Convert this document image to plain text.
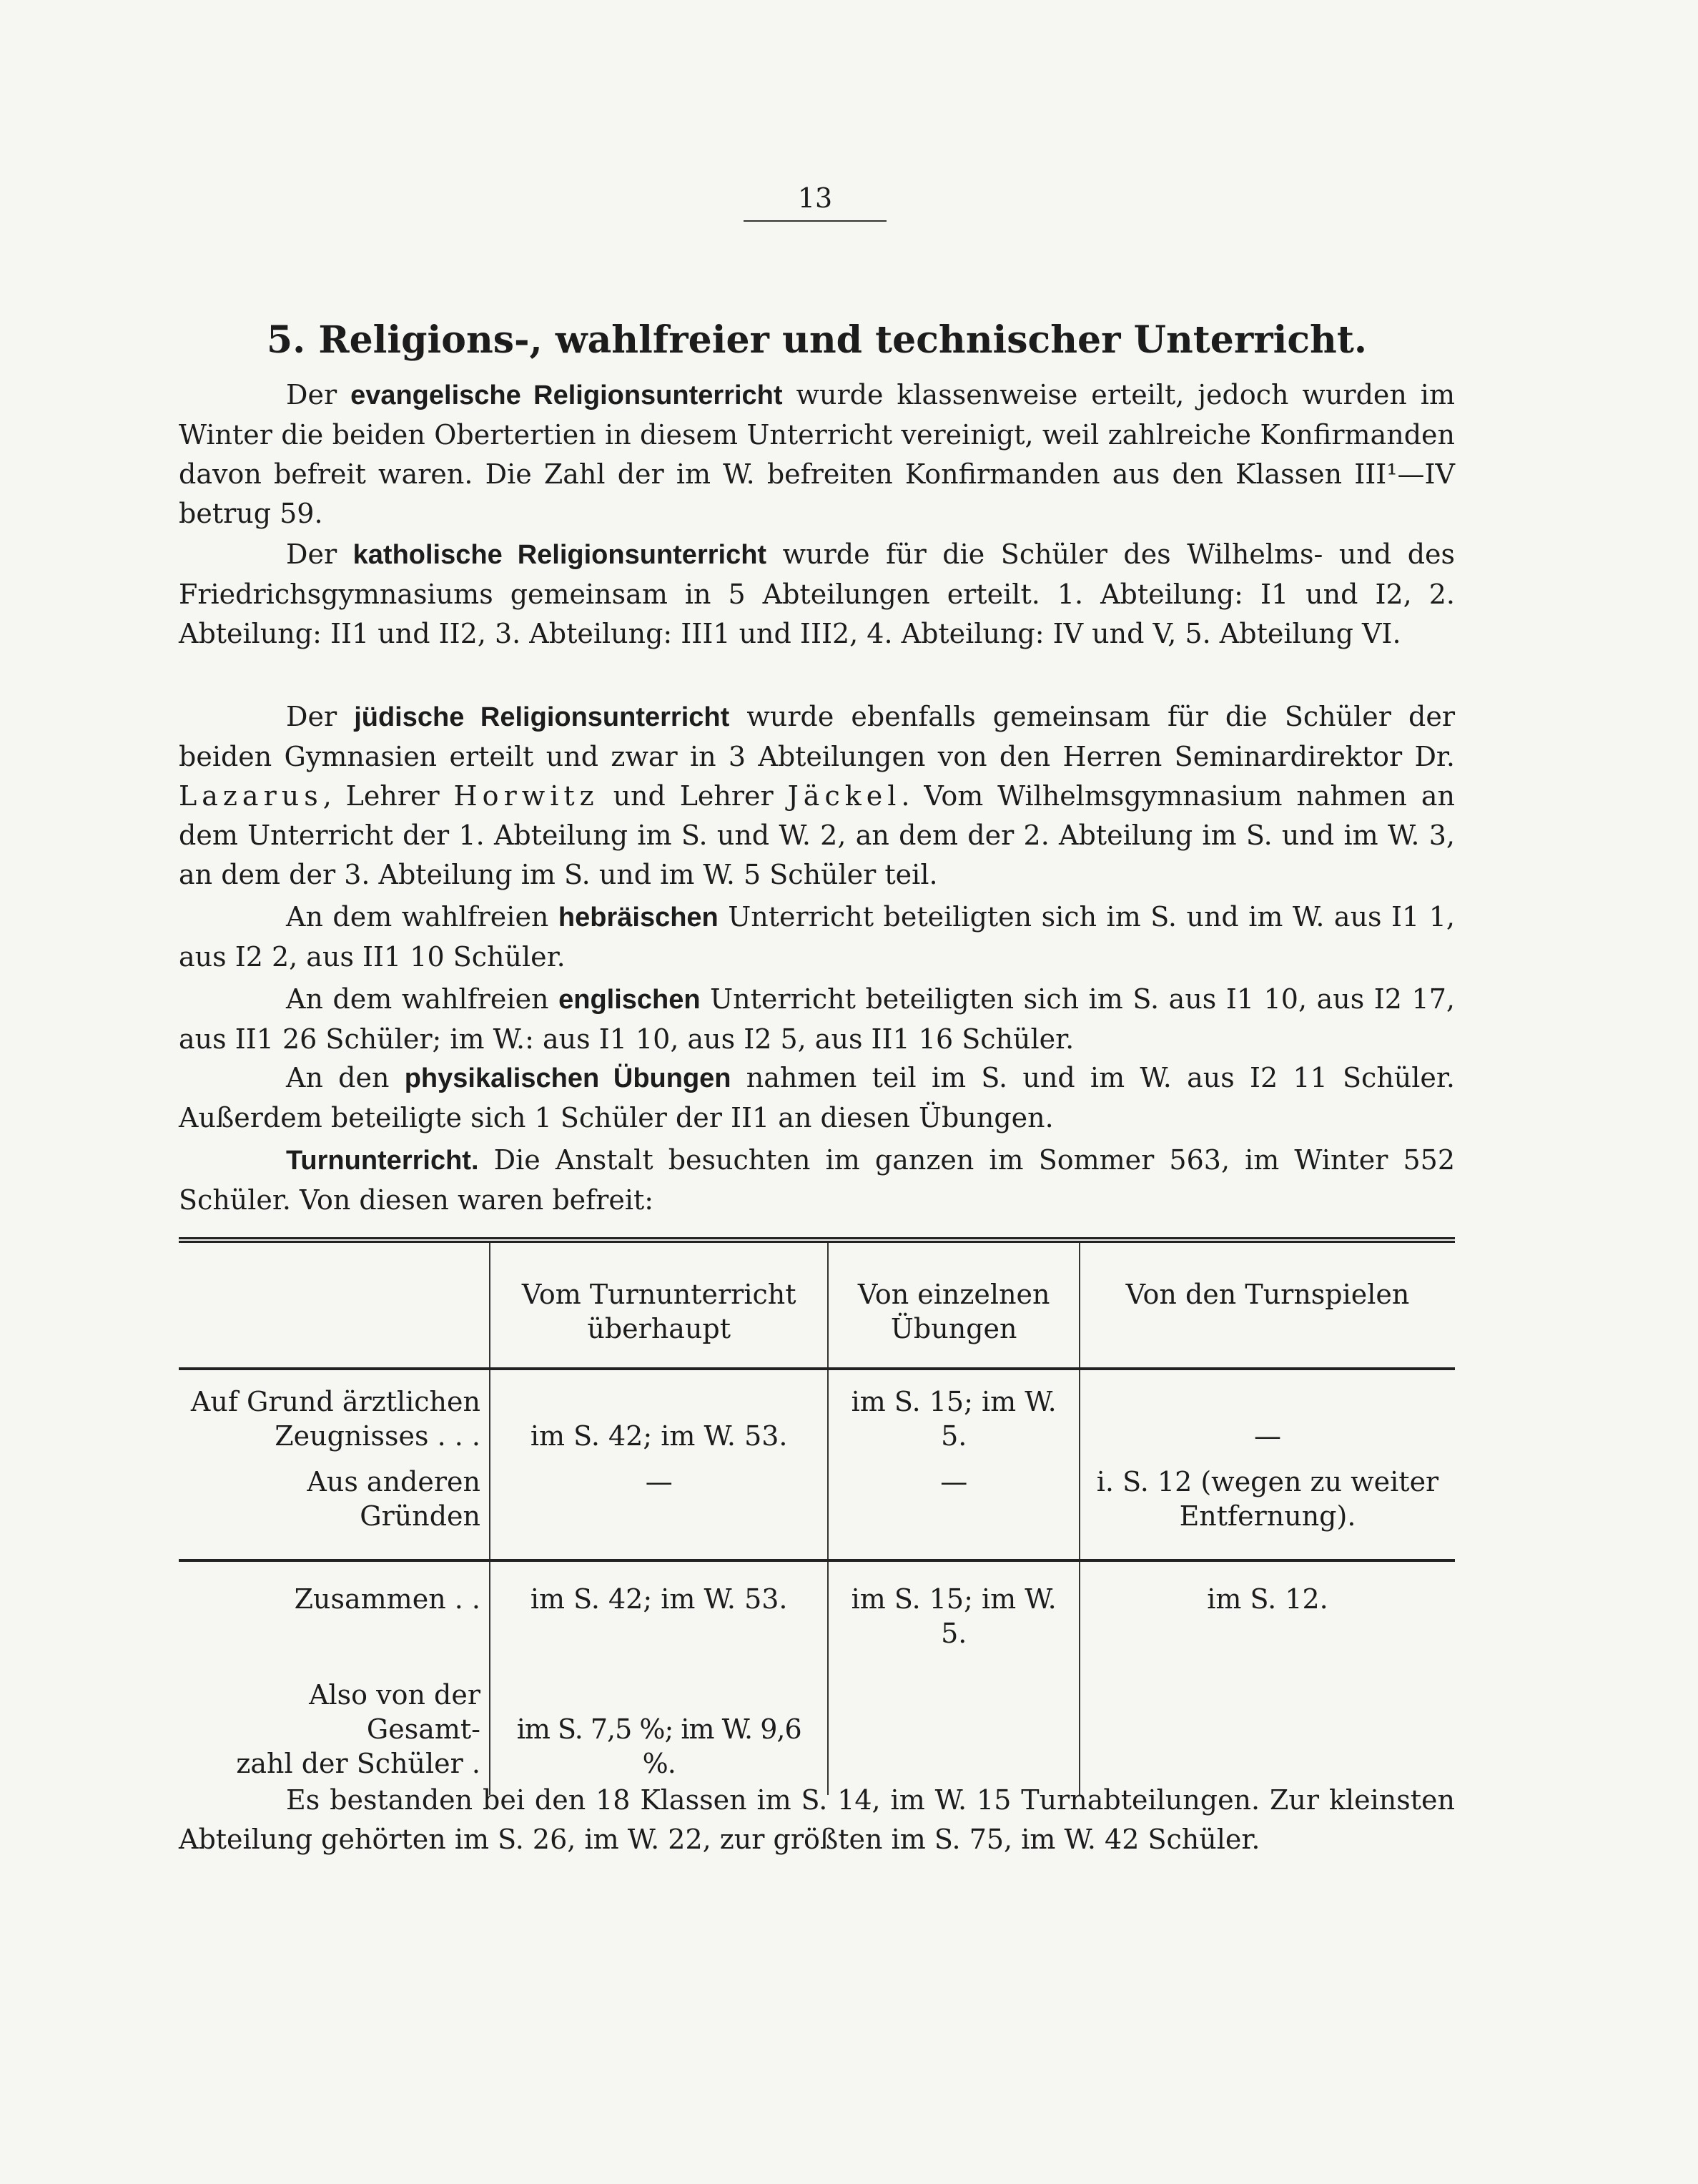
13
5. Religions-, wahlfreier und technischer Unterricht.

Der evangelische Religionsunterricht wurde klassenweise erteilt, jedoch wurden im Winter die beiden Obertertien in diesem Unterricht vereinigt, weil zahlreiche Konfirmanden davon befreit waren. Die Zahl der im W. befreiten Konfirmanden aus den Klassen III¹—IV betrug 59.

Der katholische Religionsunterricht wurde für die Schüler des Wilhelms- und des Friedrichsgymnasiums gemeinsam in 5 Abteilungen erteilt. 1. Abteilung: I1 und I2, 2. Abteilung: II1 und II2, 3. Abteilung: III1 und III2, 4. Abteilung: IV und V, 5. Abteilung VI.

Der jüdische Religionsunterricht wurde ebenfalls gemeinsam für die Schüler der beiden Gymnasien erteilt und zwar in 3 Abteilungen von den Herren Seminardirektor Dr. Lazarus, Lehrer Horwitz und Lehrer Jäckel. Vom Wilhelmsgymnasium nahmen an dem Unterricht der 1. Abteilung im S. und W. 2, an dem der 2. Abteilung im S. und im W. 3, an dem der 3. Abteilung im S. und im W. 5 Schüler teil.

An dem wahlfreien hebräischen Unterricht beteiligten sich im S. und im W. aus I1 1, aus I2 2, aus II1 10 Schüler.

An dem wahlfreien englischen Unterricht beteiligten sich im S. aus I1 10, aus I2 17, aus II1 26 Schüler; im W.: aus I1 10, aus I2 5, aus II1 16 Schüler.

An den physikalischen Übungen nahmen teil im S. und im W. aus I2 11 Schüler. Außerdem beteiligte sich 1 Schüler der II1 an diesen Übungen.

Turnunterricht. Die Anstalt besuchten im ganzen im Sommer 563, im Winter 552 Schüler. Von diesen waren befreit:

	Vom Turnunterricht überhaupt	Von einzelnen Übungen	Von den Turnspielen

Auf Grund ärztlichen
Zeugnisses . . .	im S. 42; im W. 53.	im S. 15; im W. 5.	—
Aus anderen Gründen	—	—	i. S. 12 (wegen zu weiter Entfernung).
Zusammen . .	im S. 42; im W. 53.	im S. 15; im W. 5.	im S. 12.

Also von der Gesamt-
zahl der Schüler .	im S. 7,5 %; im W. 9,6 %.		

Es bestanden bei den 18 Klassen im S. 14, im W. 15 Turnabteilungen. Zur kleinsten Abteilung gehörten im S. 26, im W. 22, zur größten im S. 75, im W. 42 Schüler.
